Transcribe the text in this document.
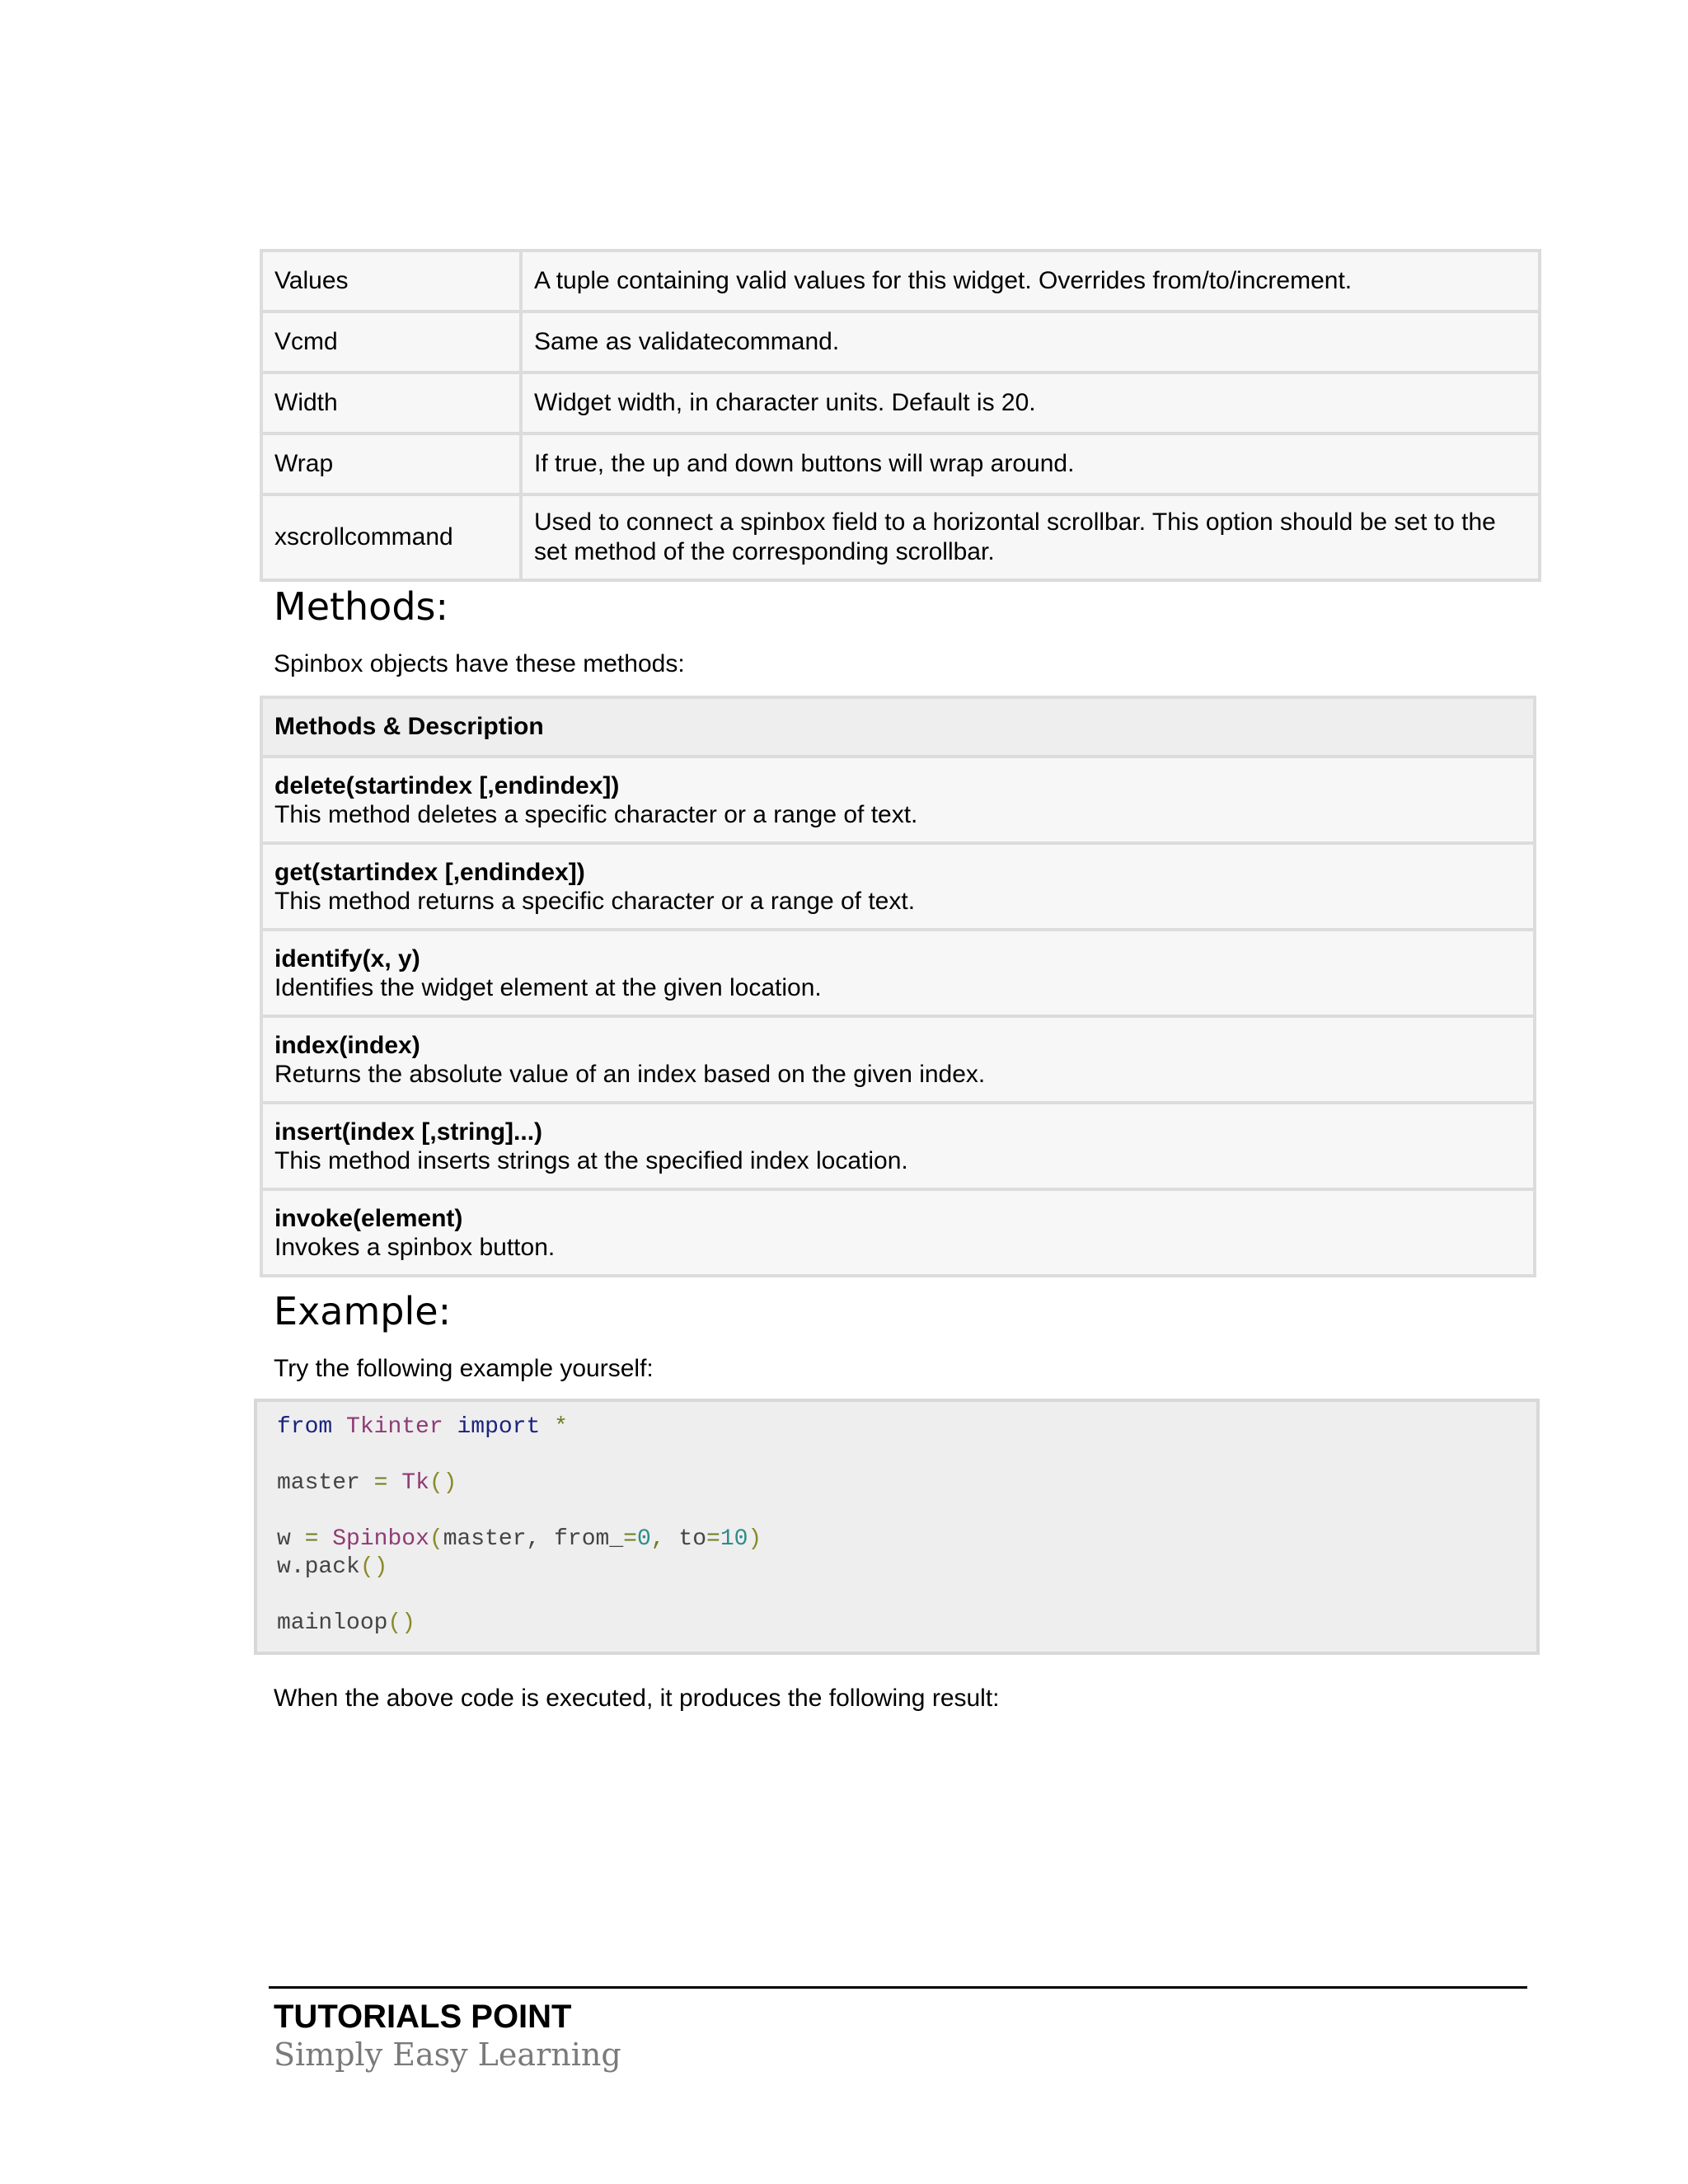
Values	A tuple containing valid values for this widget. Overrides from/to/increment.
Vcmd	Same as validatecommand.
Width	Widget width, in character units. Default is 20.
Wrap	If true, the up and down buttons will wrap around.
xscrollcommand	Used to connect a spinbox field to a horizontal scrollbar. This option should be set to the set method of the corresponding scrollbar.
Methods:

Spinbox objects have these methods:

Methods & Description

delete(startindex [,endindex])
This method deletes a specific character or a range of text.

get(startindex [,endindex])
This method returns a specific character or a range of text.

identify(x, y)
Identifies the widget element at the given location.

index(index)
Returns the absolute value of an index based on the given index.

insert(index [,string]...)
This method inserts strings at the specified index location.

invoke(element)
Invokes a spinbox button.
Example:

Try the following example yourself:

from Tkinter import *

master = Tk()

w = Spinbox(master, from_=0, to=10)
w.pack()

mainloop()

When the above code is executed, it produces the following result:

TUTORIALS POINT

Simply Easy Learning
